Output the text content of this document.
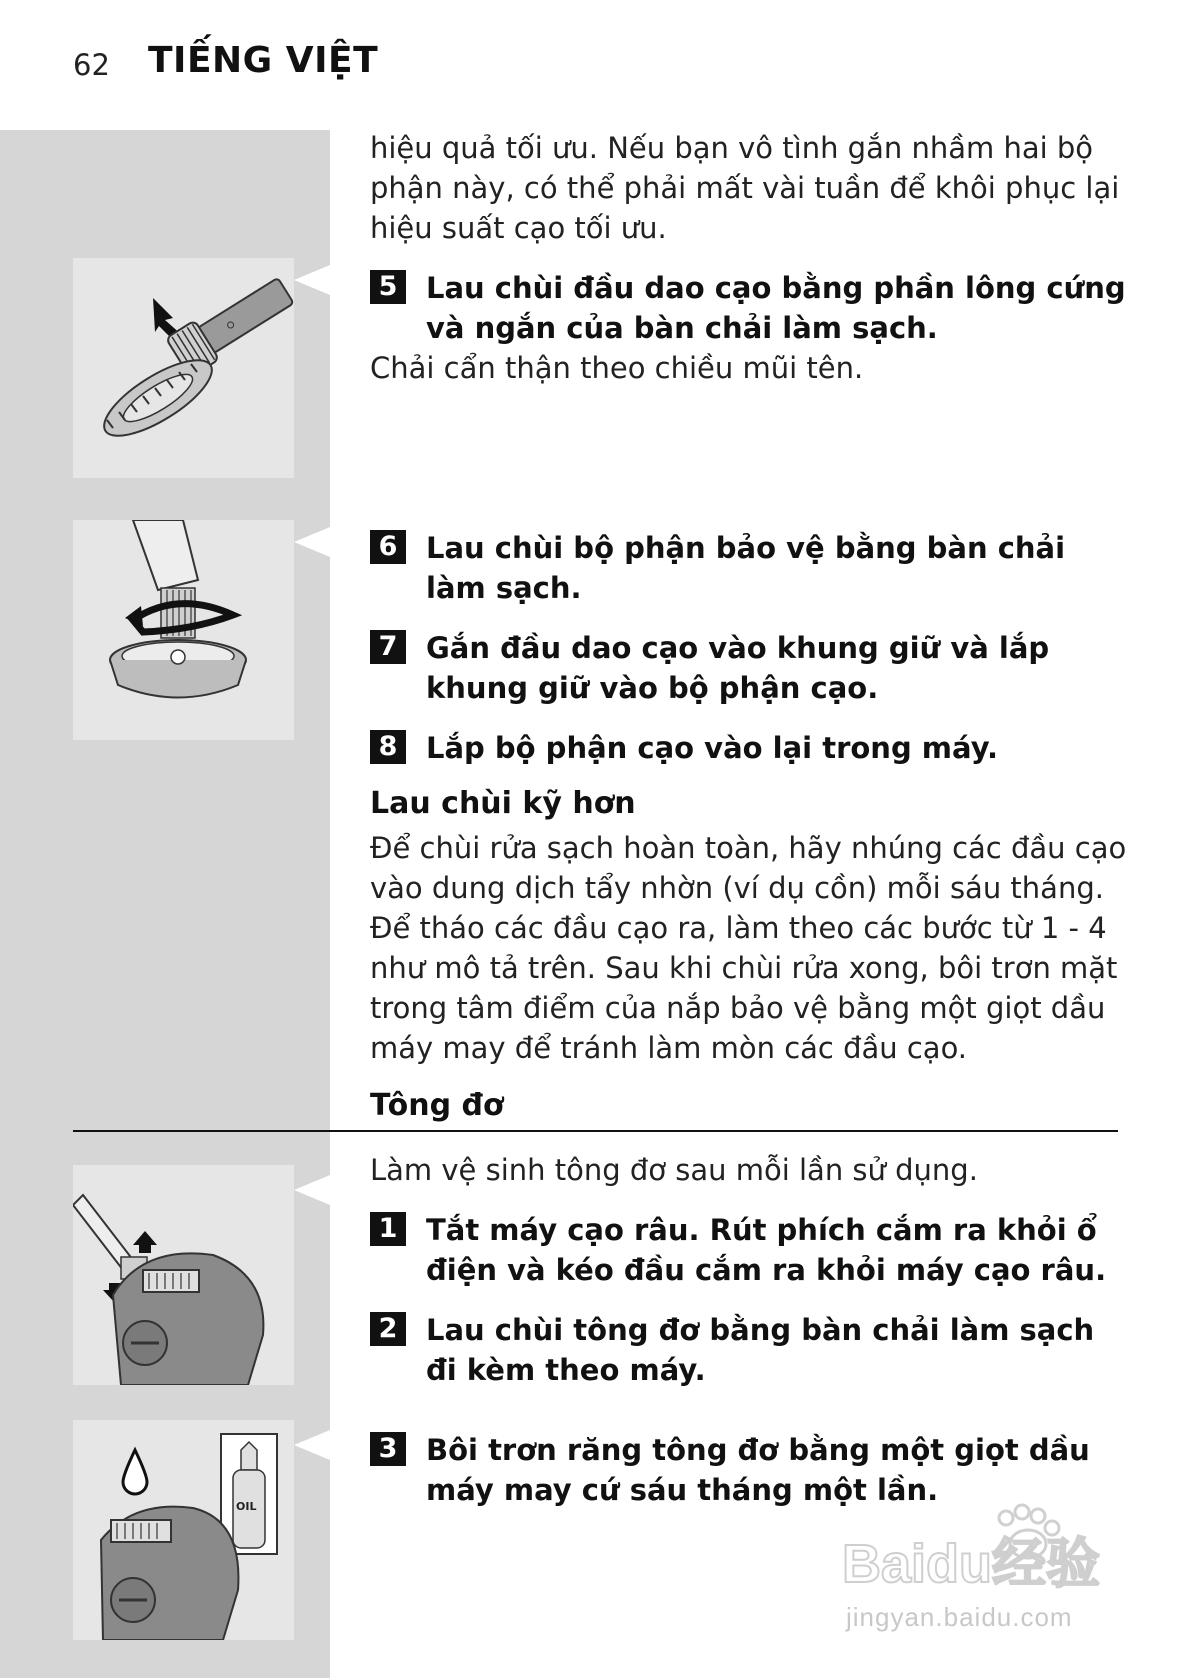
62 TIẾNG VIỆT
OIL
hiệu quả tối ưu. Nếu bạn vô tình gắn nhầm hai bộ
phận này, có thể phải mất vài tuần để khôi phục lại
hiệu suất cạo tối ưu.
5 Lau chùi đầu dao cạo bằng phần lông cứng và ngắn của bàn chải làm sạch.
Chải cẩn thận theo chiều mũi tên.
6 Lau chùi bộ phận bảo vệ bằng bàn chải làm sạch.
7 Gắn đầu dao cạo vào khung giữ và lắp khung giữ vào bộ phận cạo.
8 Lắp bộ phận cạo vào lại trong máy.
Lau chùi kỹ hơn
Để chùi rửa sạch hoàn toàn, hãy nhúng các đầu cạo vào dung dịch tẩy nhờn (ví dụ cồn) mỗi sáu tháng. Để tháo các đầu cạo ra, làm theo các bước từ 1 - 4 như mô tả trên. Sau khi chùi rửa xong, bôi trơn mặt trong tâm điểm của nắp bảo vệ bằng một giọt dầu máy may để tránh làm mòn các đầu cạo.
Tông đơ
Làm vệ sinh tông đơ sau mỗi lần sử dụng.
1 Tắt máy cạo râu. Rút phích cắm ra khỏi ổ điện và kéo đầu cắm ra khỏi máy cạo râu.
2 Lau chùi tông đơ bằng bàn chải làm sạch đi kèm theo máy.
3 Bôi trơn răng tông đơ bằng một giọt dầu máy may cứ sáu tháng một lần.
Baidu经验
jingyan.baidu.com
